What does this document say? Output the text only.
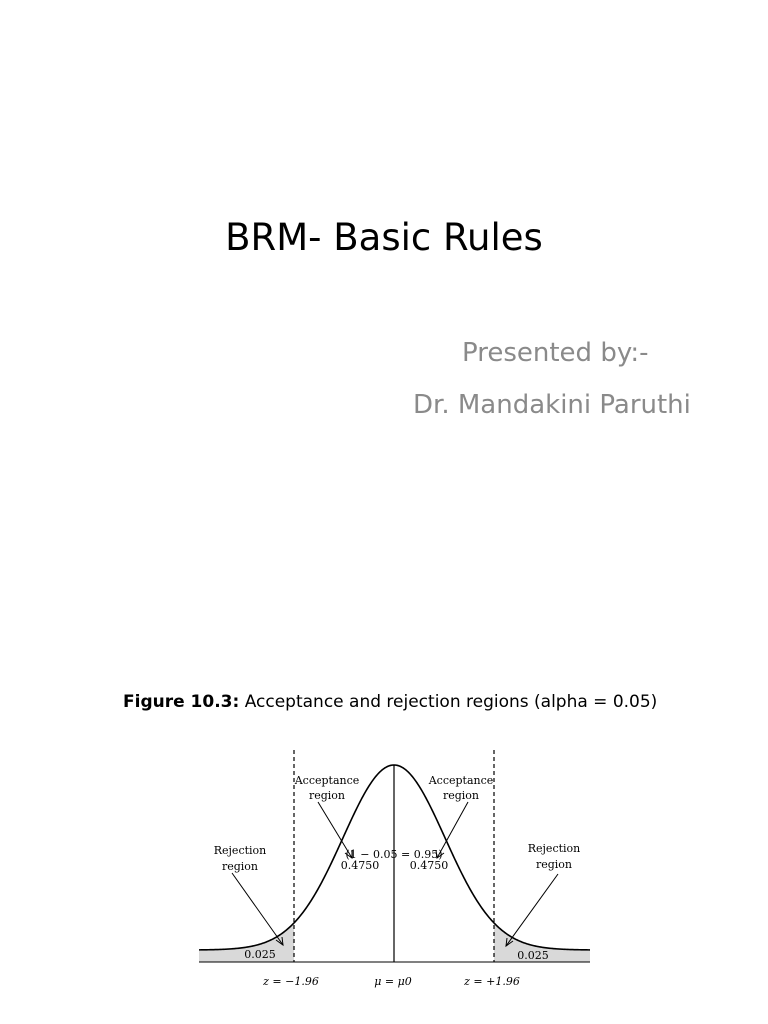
BRM- Basic Rules
Presented by:-
Dr. Mandakini Paruthi
Figure 10.3: Acceptance and rejection regions (alpha = 0.05)
Rejection
region
Acceptance
region
Acceptance
region
Rejection
region
(1 − 0.05 = 0.95)
0.4750	0.4750
0.025	0.025
z = −1.96	μ = μ0	z = +1.96
